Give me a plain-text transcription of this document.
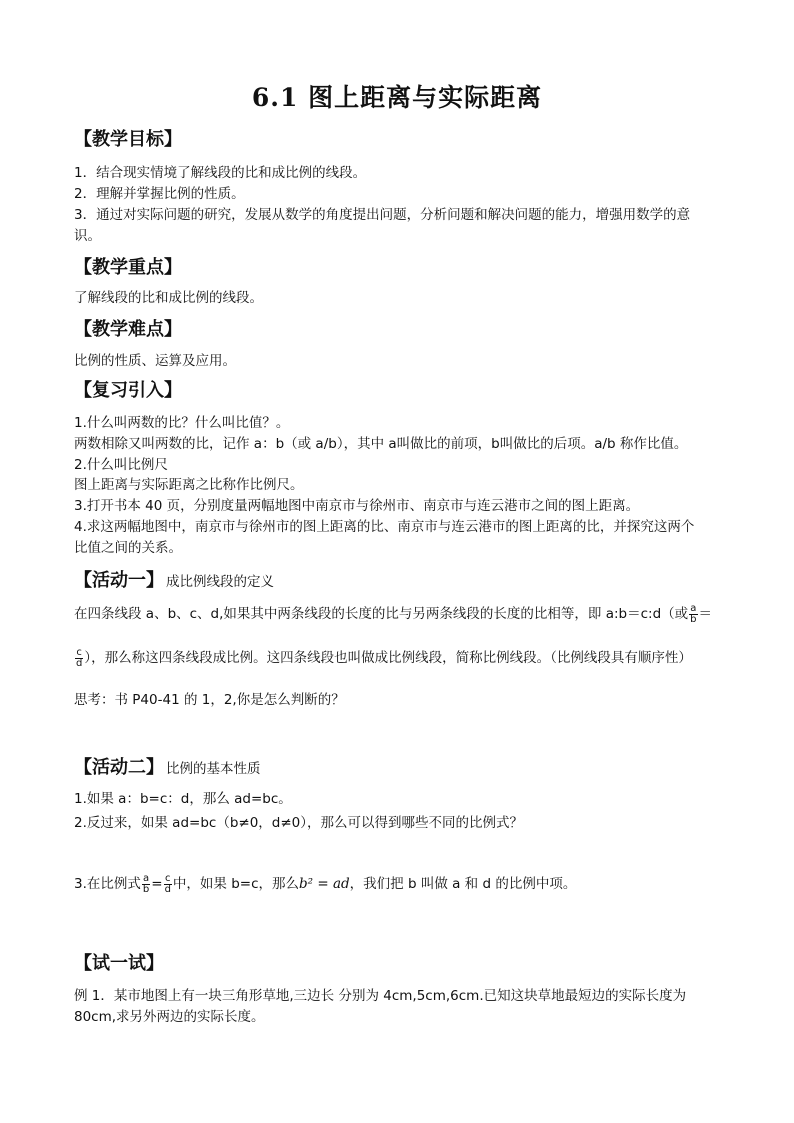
6.1 图上距离与实际距离
【教学目标】
1．结合现实情境了解线段的比和成比例的线段。
2．理解并掌握比例的性质。
3．通过对实际问题的研究，发展从数学的角度提出问题，分析问题和解决问题的能力，增强用数学的意
识。
【教学重点】
了解线段的比和成比例的线段。
【教学难点】
比例的性质、运算及应用。
【复习引入】
1.什么叫两数的比？什么叫比值？。
两数相除又叫两数的比，记作 a：b（或 a/b），其中 a叫做比的前项，b叫做比的后项。a/b 称作比值。
2.什么叫比例尺
图上距离与实际距离之比称作比例尺。
3.打开书本 40 页，分别度量两幅地图中南京市与徐州市、南京市与连云港市之间的图上距离。
4.求这两幅地图中，南京市与徐州市的图上距离的比、南京市与连云港市的图上距离的比，并探究这两个
比值之间的关系。
【活动一】 成比例线段的定义
在四条线段 a、b、c、d,如果其中两条线段的长度的比与另两条线段的长度的比相等，即 a:b＝c:d（或 $\frac{a}{b}$ ＝
$\frac{c}{d}$ ），那么称这四条线段成比例。这四条线段也叫做成比例线段，简称比例线段。（比例线段具有顺序性）
思考：书 P40-41 的 1，2,你是怎么判断的？
【活动二】 比例的基本性质
1.如果 a：b=c：d，那么 ad=bc。
2.反过来，如果 ad=bc（b≠0，d≠0），那么可以得到哪些不同的比例式？
3.在比例式 $\frac{a}{b} = \frac{c}{d}$ 中，如果 b=c，那么b² = ad，我们把 b 叫做 a 和 d 的比例中项。
【试一试】
例 1．某市地图上有一块三角形草地,三边长 分别为 4cm,5cm,6cm.已知这块草地最短边的实际长度为
80cm,求另外两边的实际长度。
